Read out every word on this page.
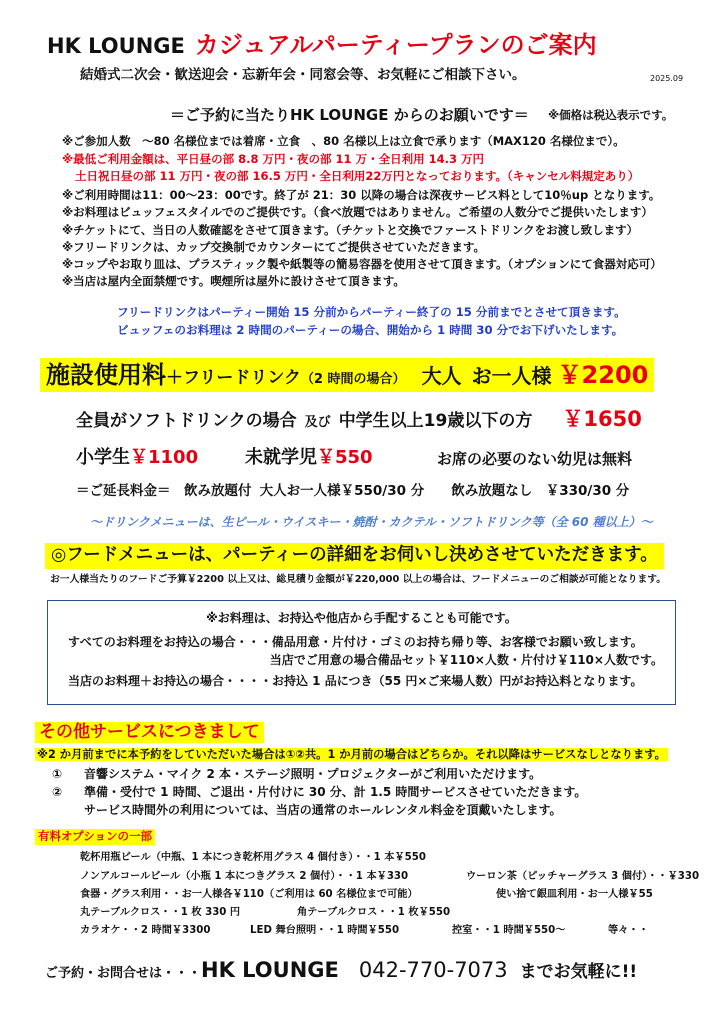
HK LOUNGE カジュアルパーティープランのご案内
結婚式二次会・歓送迎会・忘新年会・同窓会等、お気軽にご相談下さい。	2025.09
＝ご予約に当たりHK LOUNGE からのお願いです＝ ※価格は税込表示です。
※ご参加人数　～80 名様位までは着席・立食　、80 名様以上は立食で承ります（MAX120 名様位まで）。
※最低ご利用金額は、平日昼の部 8.8 万円・夜の部 11 万・全日利用 14.3 万円
土日祝日昼の部 11 万円・夜の部 16.5 万円・全日利用22万円となっております。（キャンセル料規定あり）
※ご利用時間は11：00～23：00です。終了が 21：30 以降の場合は深夜サービス料として10％up となります。
※お料理はビュッフェスタイルでのご提供です。（食べ放題ではありません。ご希望の人数分でご提供いたします）
※チケットにて、当日の人数確認をさせて頂きます。（チケットと交換でファーストドリンクをお渡し致します）
※フリードリンクは、カップ交換制でカウンターにてご提供させていただきます。
※コップやお取り皿は、プラスティック製や紙製等の簡易容器を使用させて頂きます。（オプションにて食器対応可）
※当店は屋内全面禁煙です。喫煙所は屋外に設けさせて頂きます。
フリードリンクはパーティー開始 15 分前からパーティー終了の 15 分前までとさせて頂きます。
ビュッフェのお料理は 2 時間のパーティーの場合、開始から 1 時間 30 分でお下げいたします。
施設使用料 ＋フリードリンク （2 時間の場合） 大人 お一人様 ￥2200
全員がソフトドリンクの場合 及び 中学生以上19歳以下の方 ￥1650
小学生￥1100	未就学児￥550	お席の必要のない幼児は無料
＝ご延長料金＝ 飲み放題付 大人お一人様￥550/30 分 飲み放題なし ￥330/30 分
～ドリンクメニューは、生ビール・ウイスキー・焼酎・カクテル・ソフトドリンク等（全 60 種以上）～
◎フードメニューは、パーティーの詳細をお伺いし決めさせていただきます。
お一人様当たりのフードご予算￥2200 以上又は、総見積り金額が￥220,000 以上の場合は、フードメニューのご相談が可能となります。
※お料理は、お持込や他店から手配することも可能です。
すべてのお料理をお持込の場合・・・備品用意・片付け・ゴミのお持ち帰り等、お客様でお願い致します。
当店でご用意の場合備品セット￥110×人数・片付け￥110×人数です。
当店のお料理＋お持込の場合・・・・お持込 1 品につき（55 円×ご来場人数）円がお持込料となります。
その他サービスにつきまして
※2 か月前までに本予約をしていただいた場合は①②共。1 か月前の場合はどちらか。それ以降はサービスなしとなります。
① 音響システム・マイク 2 本・ステージ照明・プロジェクターがご利用いただけます。
② 準備・受付で 1 時間、ご退出・片付けに 30 分、計 1.5 時間サービスさせていただきます。
サービス時間外の利用については、当店の通常のホールレンタル料金を頂戴いたします。
有料オプションの一部
乾杯用瓶ビール（中瓶、1 本につき乾杯用グラス 4 個付き）・・1 本￥550
ノンアルコールビール（小瓶 1 本につきグラス 2 個付）・・1 本￥330	ウーロン茶（ピッチャーグラス 3 個付）・・￥330
食器・グラス利用・・お一人様各￥110（ご利用は 60 名様位まで可能）	使い捨て銀皿利用・お一人様￥55
丸テーブルクロス・・1 枚 330 円	角テーブルクロス・・1 枚￥550
カラオケ・・2 時間￥3300	LED 舞台照明・・1 時間￥550	控室・・1 時間￥550～	等々・・
ご予約・お問合せは・・・ HK LOUNGE 042-770-7073 までお気軽に!!
